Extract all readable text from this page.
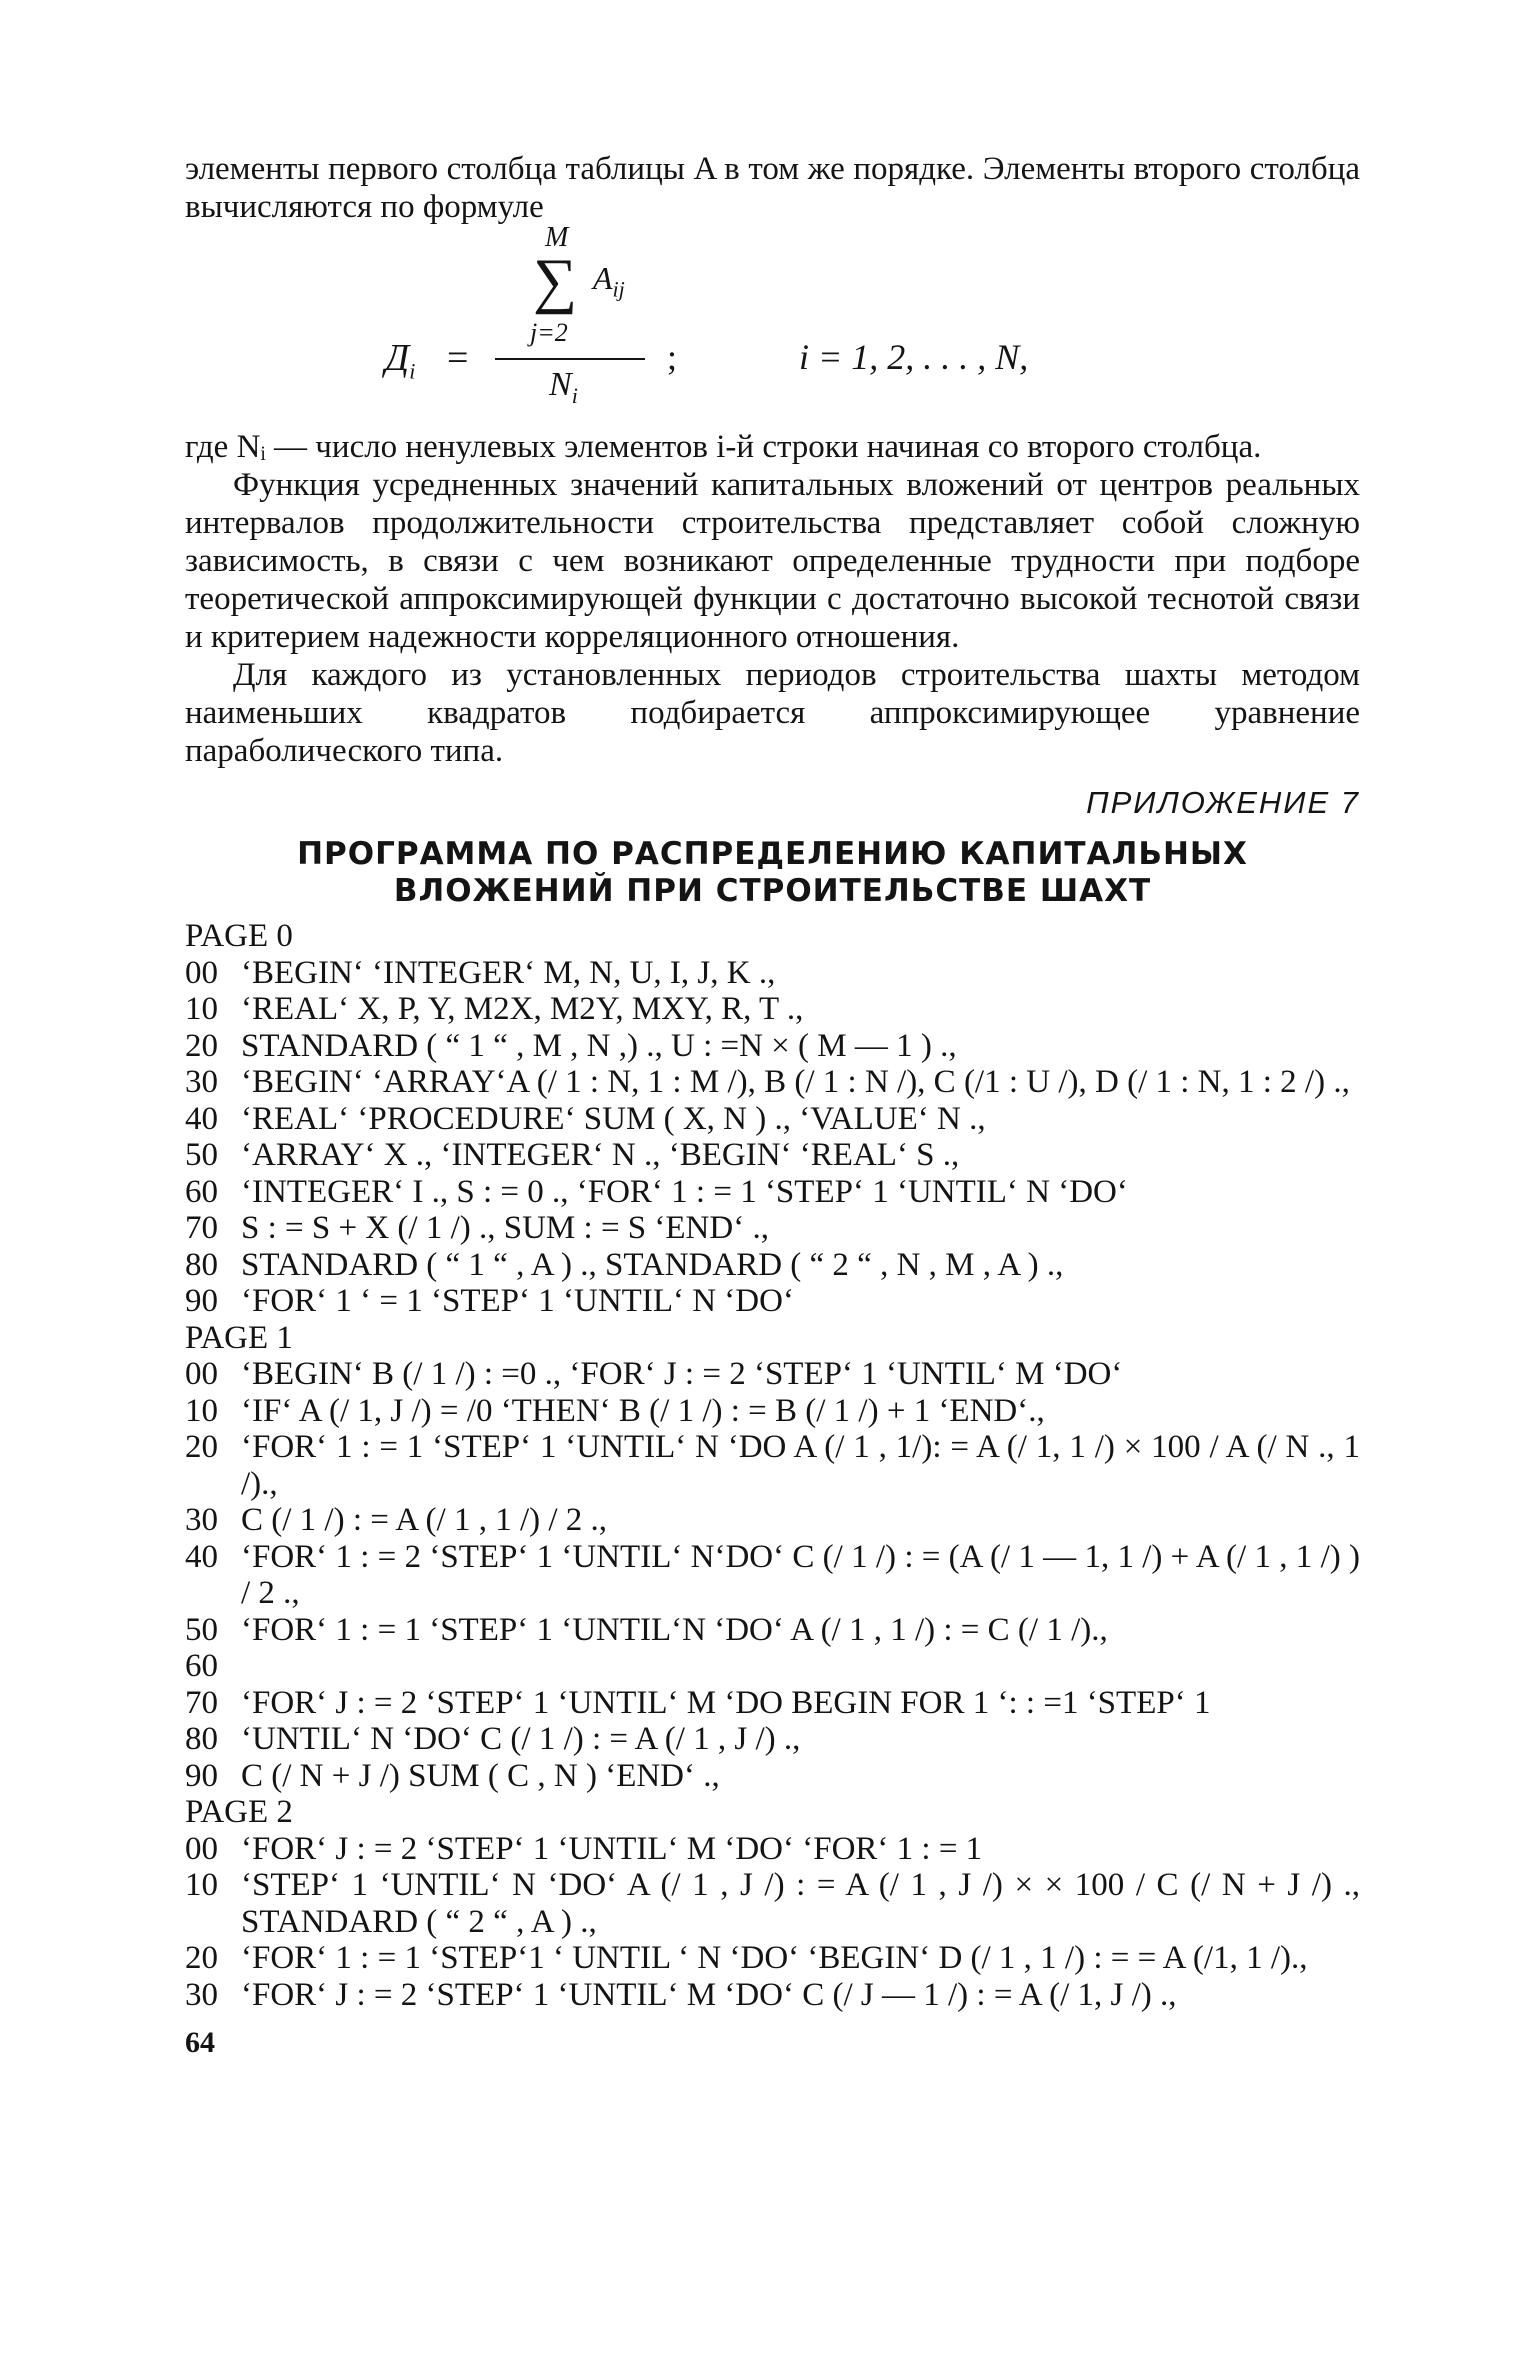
элементы первого столбца таблицы A в том же порядке. Элементы второго столбца вычисляются по формуле

M
∑ $A_{ij}$
j=2
$Д_i$ =
$N_i$
;	i = 1, 2, . . . , N,

где Nᵢ — число ненулевых элементов i-й строки начиная со второго столбца.

Функция усредненных значений капитальных вложений от центров реальных интервалов продолжительности строительства представляет собой сложную зависимость, в связи с чем возникают определенные трудности при подборе теоретической аппроксимирующей функции с достаточно высокой теснотой связи и критерием надежности корреляционного отношения.

Для каждого из установленных периодов строительства шахты методом наименьших квадратов подбирается аппроксимирующее уравнение параболического типа.

ПРИЛОЖЕНИЕ 7

ПРОГРАММА ПО РАСПРЕДЕЛЕНИЮ КАПИТАЛЬНЫХ
ВЛОЖЕНИЙ ПРИ СТРОИТЕЛЬСТВЕ ШАХТ
PAGE 0
00 ‘BEGIN‘ ‘INTEGER‘ M, N, U, I, J, K .,
10 ‘REAL‘ X, P, Y, M2X, M2Y, MXY, R, T .,
20 STANDARD ( “ 1 “ , M , N ,) ., U : =N × ( M — 1 ) .,
30 ‘BEGIN‘ ‘ARRAY‘A (/ 1 : N, 1 : M /), B (/ 1 : N /), C (/1 : U /), D (/ 1 : N, 1 : 2 /) .,
40 ‘REAL‘ ‘PROCEDURE‘ SUM ( X, N ) ., ‘VALUE‘ N .,
50 ‘ARRAY‘ X ., ‘INTEGER‘ N ., ‘BEGIN‘ ‘REAL‘ S .,
60 ‘INTEGER‘ I ., S : = 0 ., ‘FOR‘ 1 : = 1 ‘STEP‘ 1 ‘UNTIL‘ N ‘DO‘
70 S : = S + X (/ 1 /) ., SUM : = S ‘END‘ .,
80 STANDARD ( “ 1 “ , A ) ., STANDARD ( “ 2 “ , N , M , A ) .,
90 ‘FOR‘ 1 ‘ = 1 ‘STEP‘ 1 ‘UNTIL‘ N ‘DO‘
PAGE 1
00 ‘BEGIN‘ B (/ 1 /) : =0 ., ‘FOR‘ J : = 2 ‘STEP‘ 1 ‘UNTIL‘ M ‘DO‘
10 ‘IF‘ A (/ 1, J /) = /0 ‘THEN‘ B (/ 1 /) : = B (/ 1 /) + 1 ‘END‘.,
20 ‘FOR‘ 1 : = 1 ‘STEP‘ 1 ‘UNTIL‘ N ‘DO A (/ 1 , 1/): = A (/ 1, 1 /) × 100 / A (/ N ., 1 /).,
30 C (/ 1 /) : = A (/ 1 , 1 /) / 2 .,
40 ‘FOR‘ 1 : = 2 ‘STEP‘ 1 ‘UNTIL‘ N‘DO‘ C (/ 1 /) : = (A (/ 1 — 1, 1 /) + A (/ 1 , 1 /) ) / 2 .,
50 ‘FOR‘ 1 : = 1 ‘STEP‘ 1 ‘UNTIL‘N ‘DO‘ A (/ 1 , 1 /) : = C (/ 1 /).,
60
70 ‘FOR‘ J : = 2 ‘STEP‘ 1 ‘UNTIL‘ M ‘DO BEGIN FOR 1 ‘: : =1 ‘STEP‘ 1
80 ‘UNTIL‘ N ‘DO‘ C (/ 1 /) : = A (/ 1 , J /) .,
90 C (/ N + J /) SUM ( C , N ) ‘END‘ .,
PAGE 2
00 ‘FOR‘ J : = 2 ‘STEP‘ 1 ‘UNTIL‘ M ‘DO‘ ‘FOR‘ 1 : = 1
10 ‘STEP‘ 1 ‘UNTIL‘ N ‘DO‘ A (/ 1 , J /) : = A (/ 1 , J /) × × 100 / C (/ N + J /) ., STANDARD ( “ 2 “ , A ) .,
20 ‘FOR‘ 1 : = 1 ‘STEP‘1 ‘ UNTIL ‘ N ‘DO‘ ‘BEGIN‘ D (/ 1 , 1 /) : = = A (/1, 1 /).,
30 ‘FOR‘ J : = 2 ‘STEP‘ 1 ‘UNTIL‘ M ‘DO‘ C (/ J — 1 /) : = A (/ 1, J /) .,
64
